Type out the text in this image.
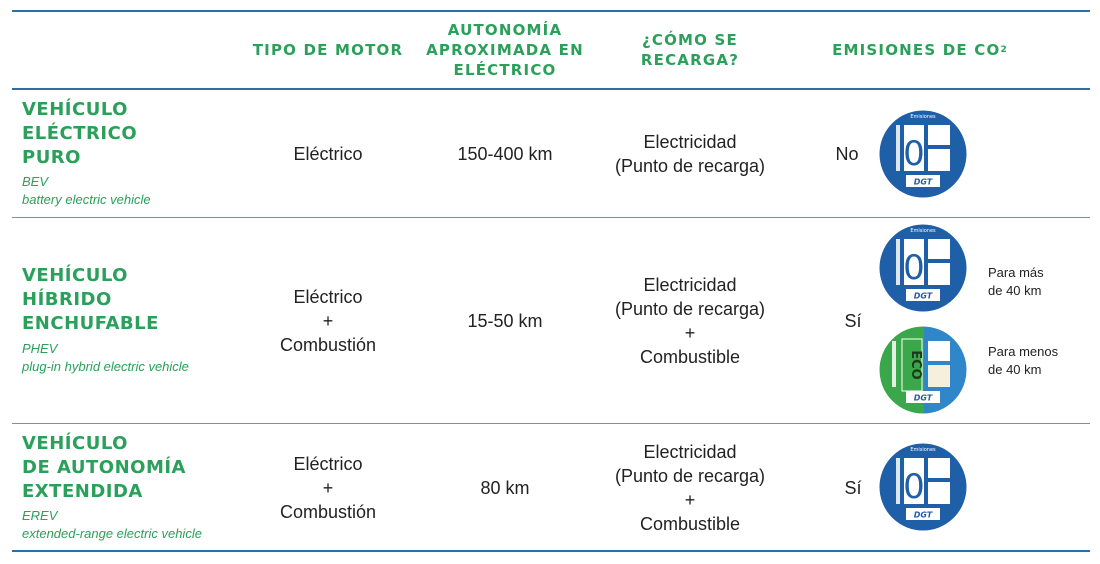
TIPO DE MOTOR
AUTONOMÍA
APROXIMADA EN
ELÉCTRICO
¿CÓMO SE
RECARGA?
EMISIONES DE CO 2
VEHÍCULO
ELÉCTRICO
PURO
BEV
battery electric vehicle
Eléctrico	150-400 km
Electricidad
(Punto de recarga)
No
Emisiones
0
DGT
VEHÍCULO
HÍBRIDO
ENCHUFABLE
PHEV
plug-in hybrid electric vehicle
Eléctrico
+
Combustión
15-50 km
Electricidad
(Punto de recarga)
+
Combustible
Sí
Emisiones
0
DGT
Para más
de 40 km
ECO
DGT
Para menos
de 40 km
VEHÍCULO
DE AUTONOMÍA
EXTENDIDA
EREV
extended-range electric vehicle
Eléctrico
+
Combustión
80 km
Electricidad
(Punto de recarga)
+
Combustible
Sí
Emisiones
0
DGT
